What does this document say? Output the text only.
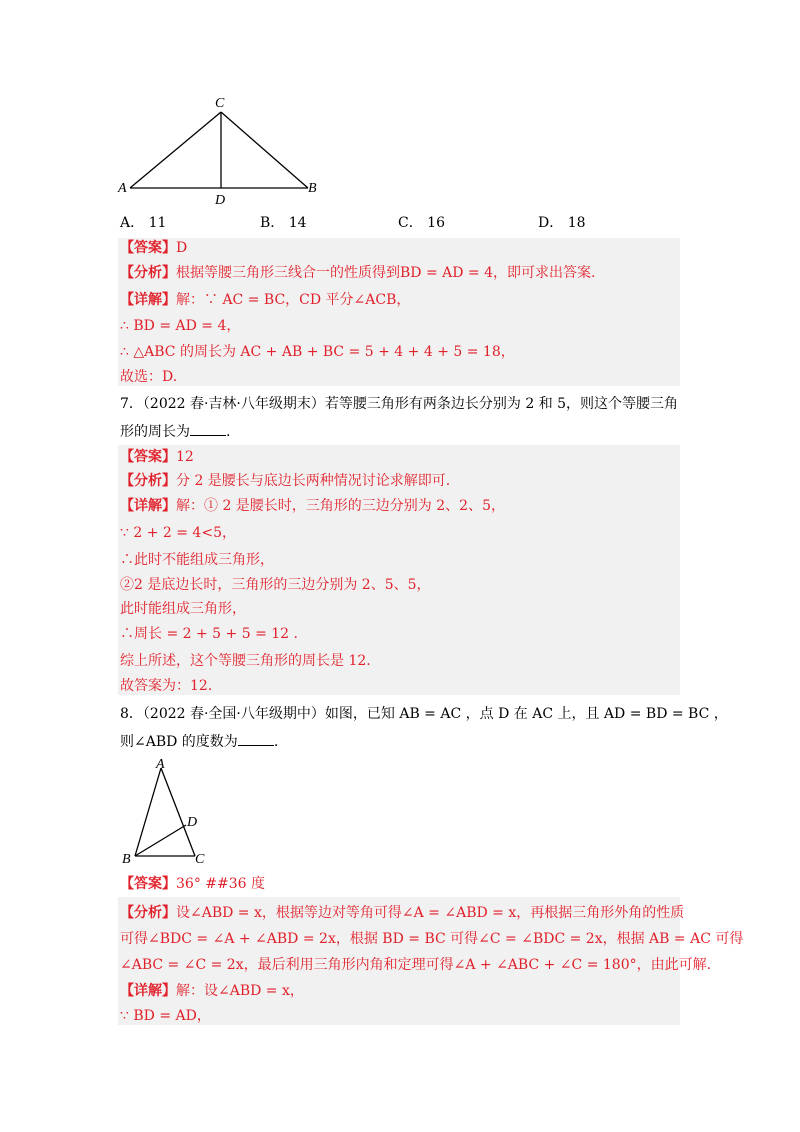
C
A
D
B
A． 11	B． 14	C． 16	D． 18
【答案】D
【分析】根据等腰三角形三线合一的性质得到BD = AD = 4，即可求出答案.
【详解】解：∵ AC = BC，CD 平分∠ACB，
∴ BD = AD = 4，
∴ △ABC 的周长为 AC + AB + BC = 5 + 4 + 4 + 5 = 18，
故选：D.
7．（2022 春·吉林·八年级期末）若等腰三角形有两条边长分别为 2 和 5，则这个等腰三角
形的周长为	.
【答案】12
【分析】分 2 是腰长与底边长两种情况讨论求解即可.
【详解】解：① 2 是腰长时，三角形的三边分别为 2、2、5，
∵ 2 + 2 = 4<5，
∴此时不能组成三角形，
②2 是底边长时，三角形的三边分别为 2、5、5，
此时能组成三角形，
∴周长 = 2 + 5 + 5 = 12 .
综上所述，这个等腰三角形的周长是 12.
故答案为：12.
8．（2022 春·全国·八年级期中）如图，已知 AB = AC ，点 D 在 AC 上，且 AD = BD = BC ，
则∠ABD 的度数为	.
A
D
B	C
【答案】36° ##36 度
【分析】设∠ABD = x，根据等边对等角可得∠A = ∠ABD = x，再根据三角形外角的性质
可得∠BDC = ∠A + ∠ABD = 2x，根据 BD = BC 可得∠C = ∠BDC = 2x，根据 AB = AC 可得
∠ABC = ∠C = 2x，最后利用三角形内角和定理可得∠A + ∠ABC + ∠C = 180°，由此可解.
【详解】解：设∠ABD = x，
∵ BD = AD，
